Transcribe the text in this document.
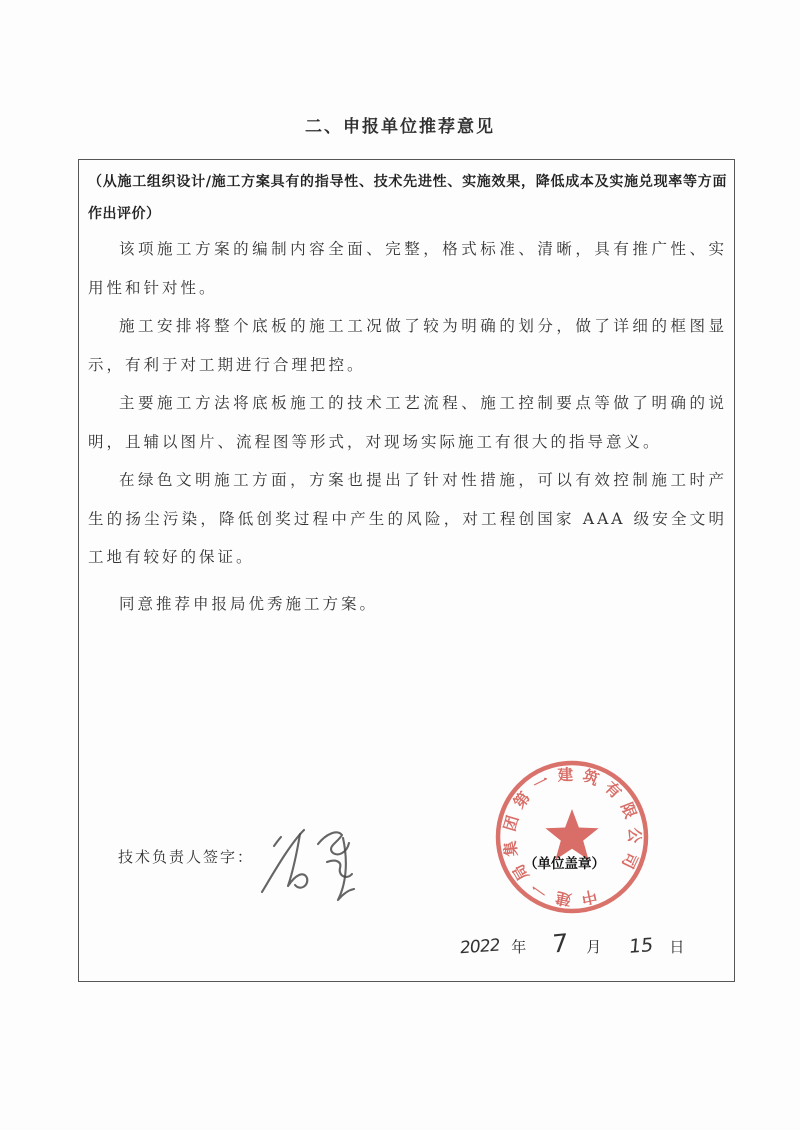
二、申报单位推荐意见

（从施工组织设计/施工方案具有的指导性、技术先进性、实施效果，降低成本及实施兑现率等方面作出评价）

该项施工方案的编制内容全面、完整，格式标准、清晰，具有推广性、实用性和针对性。

施工安排将整个底板的施工工况做了较为明确的划分，做了详细的框图显示，有利于对工期进行合理把控。

主要施工方法将底板施工的技术工艺流程、施工控制要点等做了明确的说明，且辅以图片、流程图等形式，对现场实际施工有很大的指导意义。

在绿色文明施工方面，方案也提出了针对性措施，可以有效控制施工时产生的扬尘污染，降低创奖过程中产生的风险，对工程创国家 AAA 级安全文明工地有较好的保证。

同意推荐申报局优秀施工方案。

技术负责人签字：
中建一局集团第一建筑有限公司
（单位盖章）
2022 年 7 月 15 日
